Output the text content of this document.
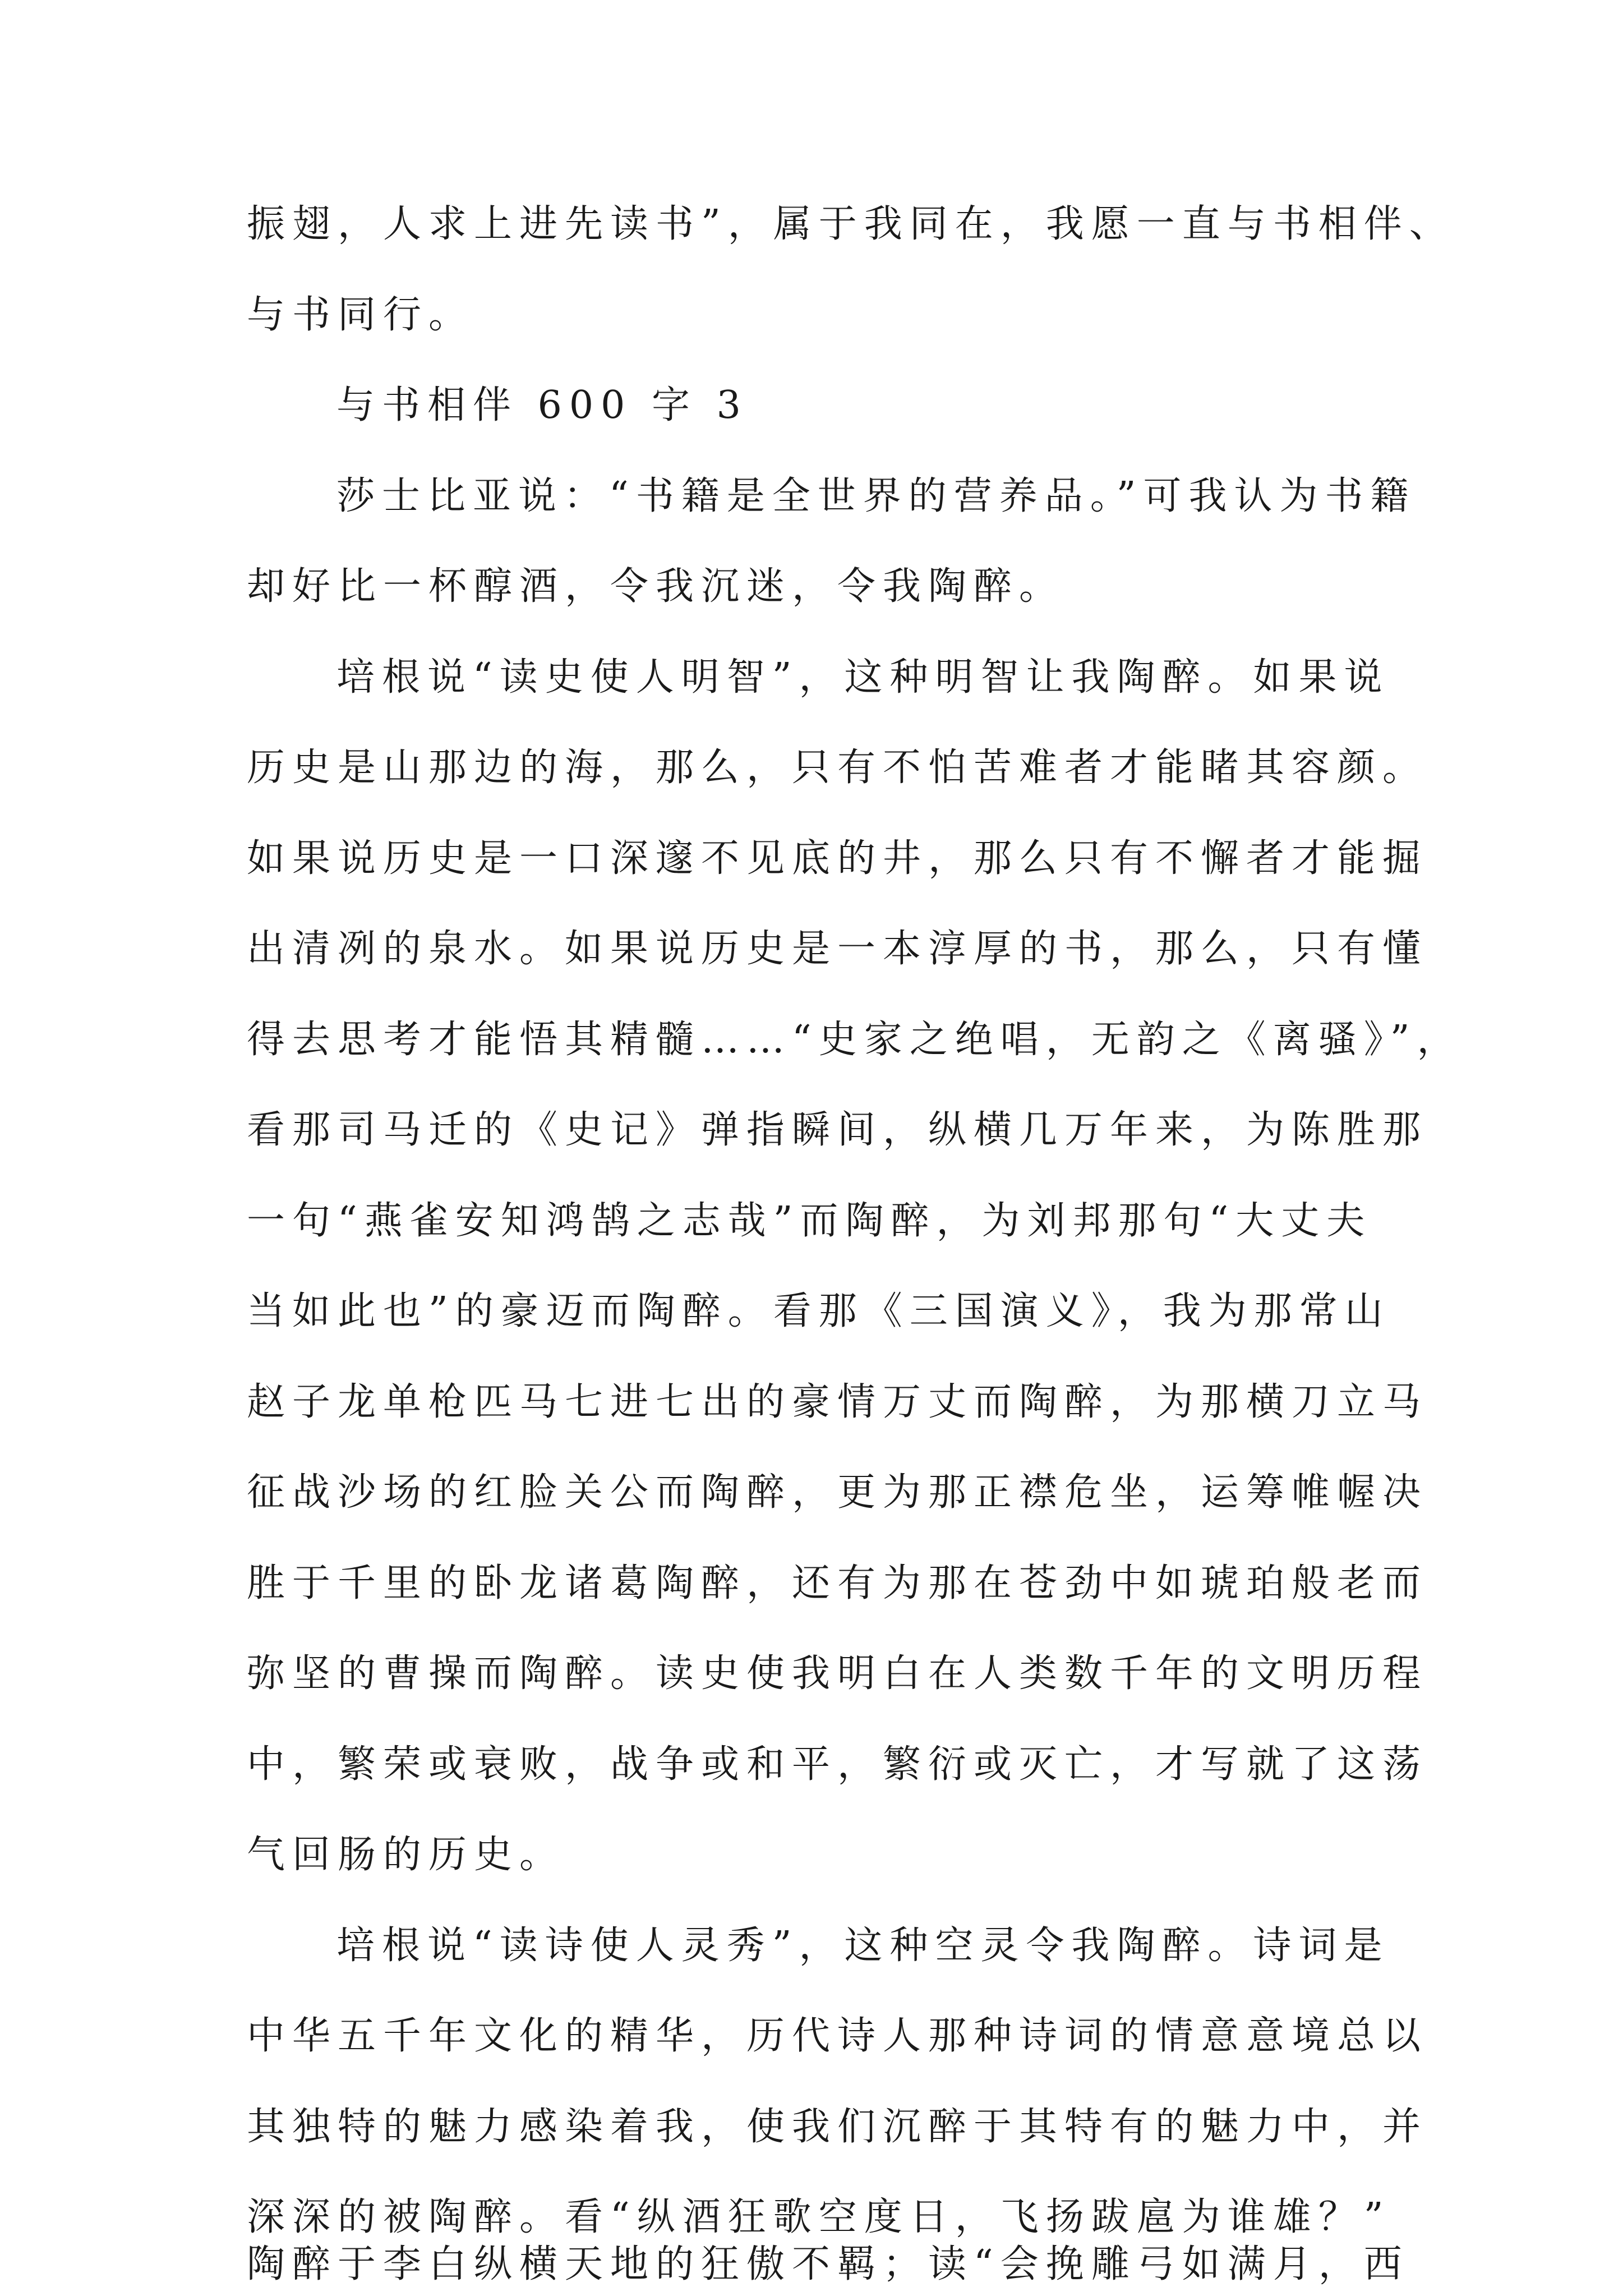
振翅，人求上进先读书”，属于我同在，我愿一直与书相伴、
与书同行。
与书相伴 600 字 3
莎士比亚说：“书籍是全世界的营养品。”可我认为书籍
却好比一杯醇酒，令我沉迷，令我陶醉。
培根说“读史使人明智”，这种明智让我陶醉。如果说
历史是山那边的海，那么，只有不怕苦难者才能睹其容颜。
如果说历史是一口深邃不见底的井，那么只有不懈者才能掘
出清冽的泉水。如果说历史是一本淳厚的书，那么，只有懂
得去思考才能悟其精髓……“史家之绝唱，无韵之《离骚》”，
看那司马迁的《史记》弹指瞬间，纵横几万年来，为陈胜那
一句“燕雀安知鸿鹄之志哉”而陶醉，为刘邦那句“大丈夫
当如此也”的豪迈而陶醉。看那《三国演义》，我为那常山
赵子龙单枪匹马七进七出的豪情万丈而陶醉，为那横刀立马
征战沙场的红脸关公而陶醉，更为那正襟危坐，运筹帷幄决
胜于千里的卧龙诸葛陶醉，还有为那在苍劲中如琥珀般老而
弥坚的曹操而陶醉。读史使我明白在人类数千年的文明历程
中，繁荣或衰败，战争或和平，繁衍或灭亡，才写就了这荡
气回肠的历史。
培根说“读诗使人灵秀”，这种空灵令我陶醉。诗词是
中华五千年文化的精华，历代诗人那种诗词的情意意境总以
其独特的魅力感染着我，使我们沉醉于其特有的魅力中，并
深深的被陶醉。看“纵酒狂歌空度日，飞扬跋扈为谁雄？”
陶醉于李白纵横天地的狂傲不羁；读“会挽雕弓如满月，西
